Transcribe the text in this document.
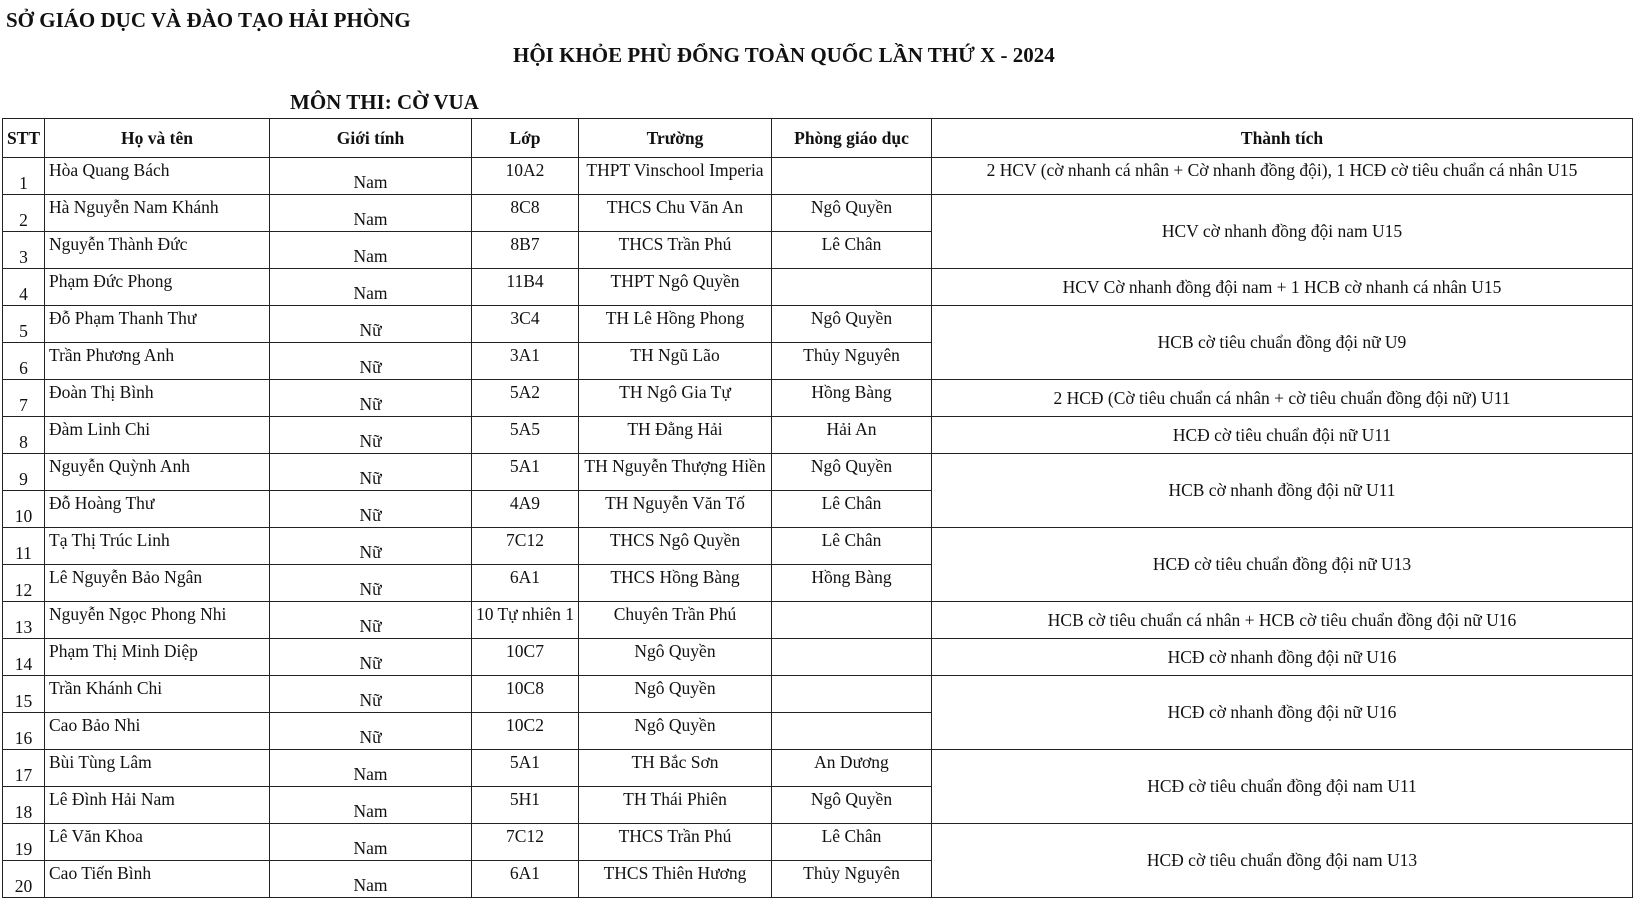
SỞ GIÁO DỤC VÀ ĐÀO TẠO HẢI PHÒNG
HỘI KHỎE PHÙ ĐỔNG TOÀN QUỐC LẦN THỨ X - 2024
MÔN THI: CỜ VUA
STT	Họ và tên	Giới tính	Lớp	Trường	Phòng giáo dục	Thành tích
1	Hòa Quang Bách	Nam	10A2	THPT Vinschool Imperia		2 HCV (cờ nhanh cá nhân + Cờ nhanh đồng đội), 1 HCĐ cờ tiêu chuẩn cá nhân U15
2	Hà Nguyễn Nam Khánh	Nam	8C8	THCS Chu Văn An	Ngô Quyền	HCV cờ nhanh đồng đội nam U15
3	Nguyễn Thành Đức	Nam	8B7	THCS Trần Phú	Lê Chân	
4	Phạm Đức Phong	Nam	11B4	THPT Ngô Quyền		HCV Cờ nhanh đồng đội nam + 1 HCB cờ nhanh cá nhân U15
5	Đỗ Phạm Thanh Thư	Nữ	3C4	TH Lê Hồng Phong	Ngô Quyền	HCB cờ tiêu chuẩn đồng đội nữ U9
6	Trần Phương Anh	Nữ	3A1	TH Ngũ Lão	Thủy Nguyên	
7	Đoàn Thị Bình	Nữ	5A2	TH Ngô Gia Tự	Hồng Bàng	2 HCĐ (Cờ tiêu chuẩn cá nhân + cờ tiêu chuẩn đồng đội nữ) U11
8	Đàm Linh Chi	Nữ	5A5	TH Đằng Hải	Hải An	HCĐ cờ tiêu chuẩn đội nữ U11
9	Nguyễn Quỳnh Anh	Nữ	5A1	TH Nguyễn Thượng Hiền	Ngô Quyền	HCB cờ nhanh đồng đội nữ U11
10	Đỗ Hoàng Thư	Nữ	4A9	TH Nguyễn Văn Tố	Lê Chân	
11	Tạ Thị Trúc Linh	Nữ	7C12	THCS Ngô Quyền	Lê Chân	HCĐ cờ tiêu chuẩn đồng đội nữ U13
12	Lê Nguyễn Bảo Ngân	Nữ	6A1	THCS Hồng Bàng	Hồng Bàng	
13	Nguyễn Ngọc Phong Nhi	Nữ	10 Tự nhiên 1	Chuyên Trần Phú		HCB cờ tiêu chuẩn cá nhân + HCB cờ tiêu chuẩn đồng đội nữ U16
14	Phạm Thị Minh Diệp	Nữ	10C7	Ngô Quyền		HCĐ cờ nhanh đồng đội nữ U16
15	Trần Khánh Chi	Nữ	10C8	Ngô Quyền		HCĐ cờ nhanh đồng đội nữ U16
16	Cao Bảo Nhi	Nữ	10C2	Ngô Quyền		
17	Bùi Tùng Lâm	Nam	5A1	TH Bắc Sơn	An Dương	HCĐ cờ tiêu chuẩn đồng đội nam U11
18	Lê Đình Hải Nam	Nam	5H1	TH Thái Phiên	Ngô Quyền	
19	Lê Văn Khoa	Nam	7C12	THCS Trần Phú	Lê Chân	HCĐ cờ tiêu chuẩn đồng đội nam U13
20	Cao Tiến Bình	Nam	6A1	THCS Thiên Hương	Thủy Nguyên	
